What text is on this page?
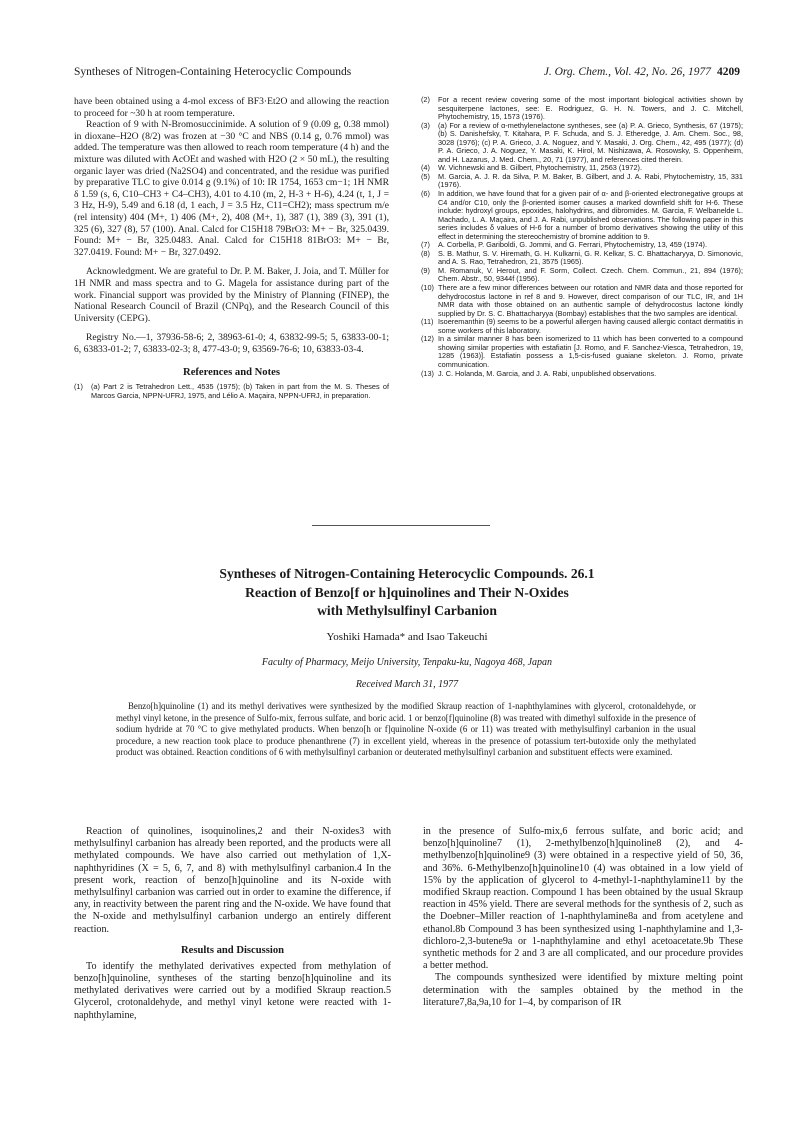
Syntheses of Nitrogen-Containing Heterocyclic Compounds	J. Org. Chem., Vol. 42, No. 26, 1977 4209

have been obtained using a 4-mol excess of BF3·Et2O and allowing the reaction to proceed for ~30 h at room temperature.

Reaction of 9 with N-Bromosuccinimide. A solution of 9 (0.09 g, 0.38 mmol) in dioxane–H2O (8/2) was frozen at −30 °C and NBS (0.14 g, 0.76 mmol) was added. The temperature was then allowed to reach room temperature (4 h) and the mixture was diluted with AcOEt and washed with H2O (2 × 50 mL), the resulting organic layer was dried (Na2SO4) and concentrated, and the residue was purified by preparative TLC to give 0.014 g (9.1%) of 10: IR 1754, 1653 cm−1; 1H NMR δ 1.59 (s, 6, C10–CH3 + C4–CH3), 4.01 to 4.10 (m, 2, H-3 + H-6), 4.24 (t, 1, J = 3 Hz, H-9), 5.49 and 6.18 (d, 1 each, J = 3.5 Hz, C11=CH2); mass spectrum m/e (rel intensity) 404 (M+, 1) 406 (M+, 2), 408 (M+, 1), 387 (1), 389 (3), 391 (1), 325 (6), 327 (8), 57 (100). Anal. Calcd for C15H18 79BrO3: M+ − Br, 325.0439. Found: M+ − Br, 325.0483. Anal. Calcd for C15H18 81BrO3: M+ − Br, 327.0419. Found: M+ − Br, 327.0492.

Acknowledgment. We are grateful to Dr. P. M. Baker, J. Joia, and T. Müller for 1H NMR and mass spectra and to G. Magela for assistance during part of the work. Financial support was provided by the Ministry of Planning (FINEP), the National Research Council of Brazil (CNPq), and the Research Council of this University (CEPG).

Registry No.—1, 37936-58-6; 2, 38963-61-0; 4, 63832-99-5; 5, 63833-00-1; 6, 63833-01-2; 7, 63833-02-3; 8, 477-43-0; 9, 63569-76-6; 10, 63833-03-4.

References and Notes
(1)	(a) Part 2 is Tetrahedron Lett., 4535 (1975); (b) Taken in part from the M. S. Theses of Marcos Garcia, NPPN-UFRJ, 1975, and Lélio A. Maçaira, NPPN-UFRJ, in preparation.
(2)	For a recent review covering some of the most important biological activities shown by sesquiterpene lactones, see: E. Rodriguez, G. H. N. Towers, and J. C. Mitchell, Phytochemistry, 15, 1573 (1976).
(3)	(a) For a review of α-methylenelactone syntheses, see (a) P. A. Grieco, Synthesis, 67 (1975); (b) S. Danishefsky, T. Kitahara, P. F. Schuda, and S. J. Etheredge, J. Am. Chem. Soc., 98, 3028 (1976); (c) P. A. Grieco, J. A. Noguez, and Y. Masaki, J. Org. Chem., 42, 495 (1977); (d) P. A. Grieco, J. A. Noguez, Y. Masaki, K. Hirol, M. Nishizawa, A. Rosowsky, S. Oppenheim, and H. Lazarus, J. Med. Chem., 20, 71 (1977), and references cited therein.
(4)	W. Vichnewski and B. Gilbert, Phytochemistry, 11, 2563 (1972).
(5)	M. Garcia, A. J. R. da Silva, P. M. Baker, B. Gilbert, and J. A. Rabi, Phytochemistry, 15, 331 (1976).
(6)	In addition, we have found that for a given pair of α- and β-oriented electronegative groups at C4 and/or C10, only the β-oriented isomer causes a marked downfield shift for H-6. These include: hydroxyl groups, epoxides, halohydrins, and dibromides. M. Garcia, F. Welbanelde L. Machado, L. A. Maçaira, and J. A. Rabi, unpublished observations. The following paper in this series includes δ values of H-6 for a number of bromo derivatives showing the utility of this effect in determining the stereochemistry of bromine addition to 9.
(7)	A. Corbella, P. Gariboldi, G. Jommi, and G. Ferrari, Phytochemistry, 13, 459 (1974).
(8)	S. B. Mathur, S. V. Hiremath, G. H. Kulkarni, G. R. Kelkar, S. C. Bhattacharyya, D. Simonovic, and A. S. Rao, Tetrahedron, 21, 3575 (1965).
(9)	M. Romanuk, V. Herout, and F. Sorm, Collect. Czech. Chem. Commun., 21, 894 (1976); Chem. Abstr., 50, 9344f (1956).
(10) There are a few minor differences between our rotation and NMR data and those reported for dehydrocostus lactone in ref 8 and 9. However, direct comparison of our TLC, IR, and 1H NMR data with those obtained on an authentic sample of dehydrocostus lactone kindly supplied by Dr. S. C. Bhattacharyya (Bombay) establishes that the two samples are identical.
(11) Isoeremanthin (9) seems to be a powerful allergen having caused allergic contact dermatitis in some workers of this laboratory.
(12) In a similar manner 8 has been isomerized to 11 which has been converted to a compound showing similar properties with estafiatin [J. Romo, and F. Sanchez-Viesca, Tetrahedron, 19, 1285 (1963)]. Estafiatin possess a 1,5-cis-fused guaiane skeleton. J. Romo, private communication.
(13) J. C. Holanda, M. Garcia, and J. A. Rabi, unpublished observations.
Syntheses of Nitrogen-Containing Heterocyclic Compounds. 26.1
Reaction of Benzo[f or h]quinolines and Their N-Oxides
with Methylsulfinyl Carbanion
Yoshiki Hamada* and Isao Takeuchi
Faculty of Pharmacy, Meijo University, Tenpaku-ku, Nagoya 468, Japan
Received March 31, 1977
Benzo[h]quinoline (1) and its methyl derivatives were synthesized by the modified Skraup reaction of 1-naphthylamines with glycerol, crotonaldehyde, or methyl vinyl ketone, in the presence of Sulfo-mix, ferrous sulfate, and boric acid. 1 or benzo[f]quinoline (8) was treated with dimethyl sulfoxide in the presence of sodium hydride at 70 °C to give methylated products. When benzo[h or f]quinoline N-oxide (6 or 11) was treated with methylsulfinyl carbanion in the usual procedure, a new reaction took place to produce phenanthrene (7) in excellent yield, whereas in the presence of potassium tert-butoxide only the methylated product was obtained. Reaction conditions of 6 with methylsulfinyl carbanion or deuterated methylsulfinyl carbanion and substituent effects were examined.

Reaction of quinolines, isoquinolines,2 and their N-oxides3 with methylsulfinyl carbanion has already been reported, and the products were all methylated compounds. We have also carried out methylation of 1,X-naphthyridines (X = 5, 6, 7, and 8) with methylsulfinyl carbanion.4 In the present work, reaction of benzo[h]quinoline and its N-oxide with methylsulfinyl carbanion was carried out in order to examine the difference, if any, in reactivity between the parent ring and the N-oxide. We have found that the N-oxide and methylsulfinyl carbanion undergo an entirely different reaction.

Results and Discussion

To identify the methylated derivatives expected from methylation of benzo[h]quinoline, syntheses of the starting benzo[h]quinoline and its methylated derivatives were carried out by a modified Skraup reaction.5 Glycerol, crotonaldehyde, and methyl vinyl ketone were reacted with 1-naphthylamine,

in the presence of Sulfo-mix,6 ferrous sulfate, and boric acid; and benzo[h]quinoline7 (1), 2-methylbenzo[h]quinoline8 (2), and 4-methylbenzo[h]quinoline9 (3) were obtained in a respective yield of 50, 36, and 36%. 6-Methylbenzo[h]quinoline10 (4) was obtained in a low yield of 15% by the application of glycerol to 4-methyl-1-naphthylamine11 by the modified Skraup reaction. Compound 1 has been obtained by the usual Skraup reaction in 45% yield. There are several methods for the synthesis of 2, such as the Doebner–Miller reaction of 1-naphthylamine8a and from acetylene and ethanol.8b Compound 3 has been synthesized using 1-naphthylamine and 1,3-dichloro-2,3-butene9a or 1-naphthylamine and ethyl acetoacetate.9b These synthetic methods for 2 and 3 are all complicated, and our procedure provides a better method.

The compounds synthesized were identified by mixture melting point determination with the samples obtained by the method in the literature7,8a,9a,10 for 1–4, by comparison of IR
